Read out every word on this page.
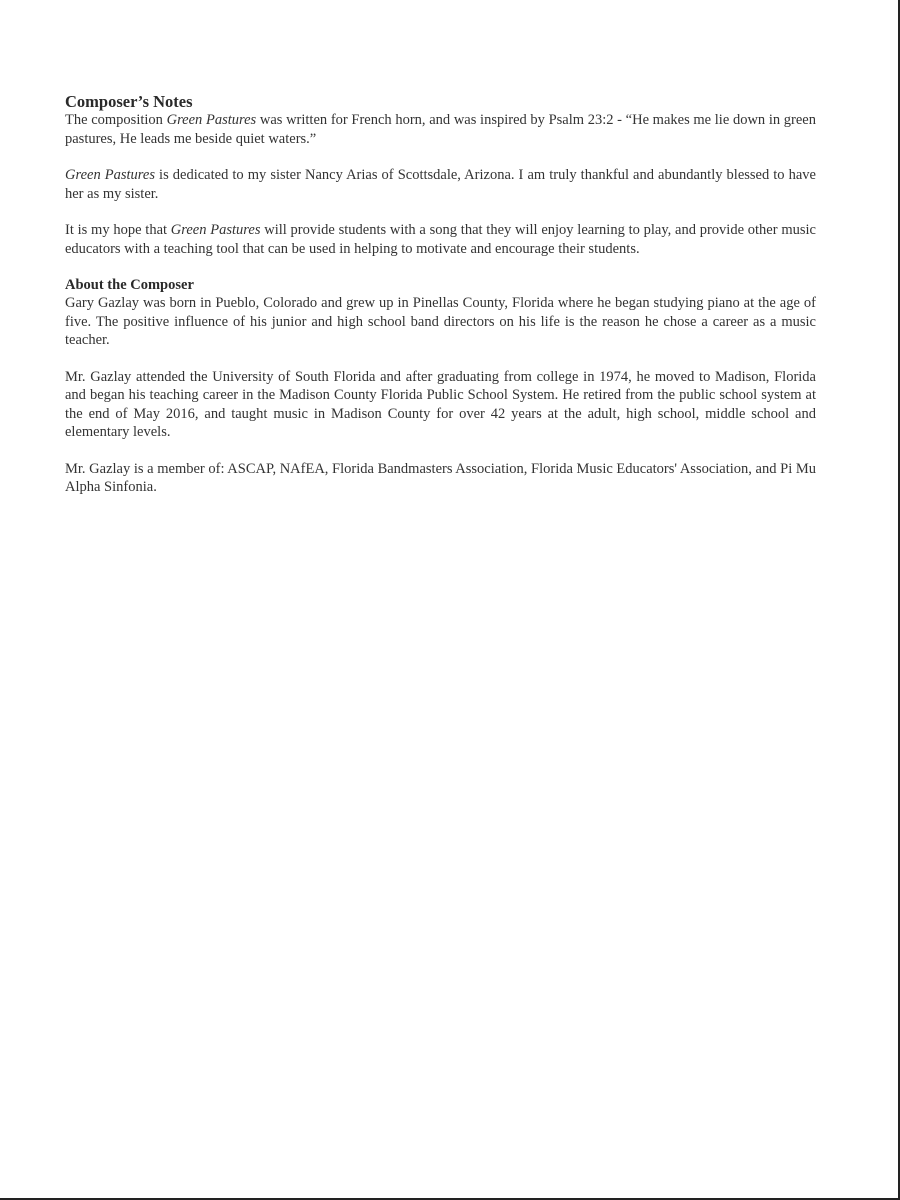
Composer’s Notes

The composition Green Pastures was written for French horn, and was inspired by Psalm 23:2 - “He makes me lie down in green pastures, He leads me beside quiet waters.”

Green Pastures is dedicated to my sister Nancy Arias of Scottsdale, Arizona. I am truly thankful and abundantly blessed to have her as my sister.

It is my hope that Green Pastures will provide students with a song that they will enjoy learning to play, and provide other music educators with a teaching tool that can be used in helping to motivate and encourage their students.

About the Composer

Gary Gazlay was born in Pueblo, Colorado and grew up in Pinellas County, Florida where he began studying piano at the age of five. The positive influence of his junior and high school band directors on his life is the reason he chose a career as a music teacher.

Mr. Gazlay attended the University of South Florida and after graduating from college in 1974, he moved to Madison, Florida and began his teaching career in the Madison County Florida Public School System. He retired from the public school system at the end of May 2016, and taught music in Madison County for over 42 years at the adult, high school, middle school and elementary levels.

Mr. Gazlay is a member of: ASCAP, NAfEA, Florida Bandmasters Association, Florida Music Educators' Association, and Pi Mu Alpha Sinfonia.
